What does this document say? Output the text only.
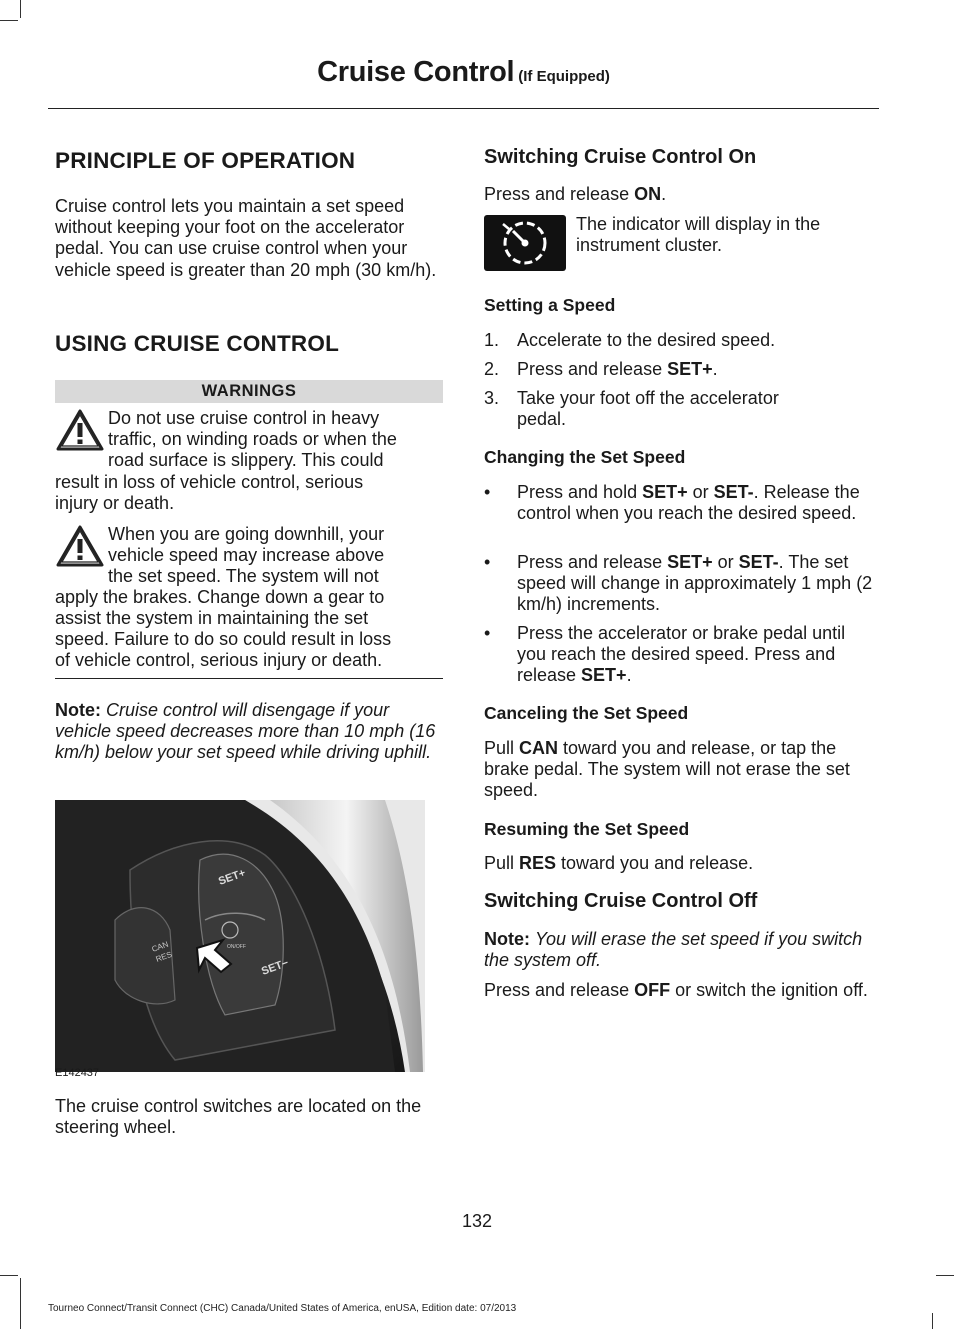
Cruise Control (If Equipped)
PRINCIPLE OF OPERATION
Cruise control lets you maintain a set speed without keeping your foot on the accelerator pedal. You can use cruise control when your vehicle speed is greater than 20 mph (30 km/h).
USING CRUISE CONTROL
WARNINGS
Do not use cruise control in heavy
traffic, on winding roads or when the
road surface is slippery. This could
result in loss of vehicle control, serious
injury or death.
When you are going downhill, your
vehicle speed may increase above
the set speed. The system will not
apply the brakes. Change down a gear to
assist the system in maintaining the set
speed. Failure to do so could result in loss
of vehicle control, serious injury or death.
Note: Cruise control will disengage if your vehicle speed decreases more than 10 mph (16 km/h) below your set speed while driving uphill.
SET+
SET−
CAN
RES
ON/OFF
E142437
The cruise control switches are located on the steering wheel.
Switching Cruise Control On
Press and release ON.
The indicator will display in the instrument cluster.
Setting a Speed
1. Accelerate to the desired speed.
2. Press and release SET+.
3. Take your foot off the accelerator pedal.
Changing the Set Speed
• Press and hold SET+ or SET-. Release the control when you reach the desired speed.
• Press and release SET+ or SET-. The set speed will change in approximately 1 mph (2 km/h) increments.
• Press the accelerator or brake pedal until you reach the desired speed. Press and release SET+.
Canceling the Set Speed
Pull CAN toward you and release, or tap the brake pedal. The system will not erase the set speed.
Resuming the Set Speed
Pull RES toward you and release.
Switching Cruise Control Off
Note: You will erase the set speed if you switch the system off.
Press and release OFF or switch the ignition off.
132
Tourneo Connect/Transit Connect (CHC) Canada/United States of America, enUSA, Edition date: 07/2013
